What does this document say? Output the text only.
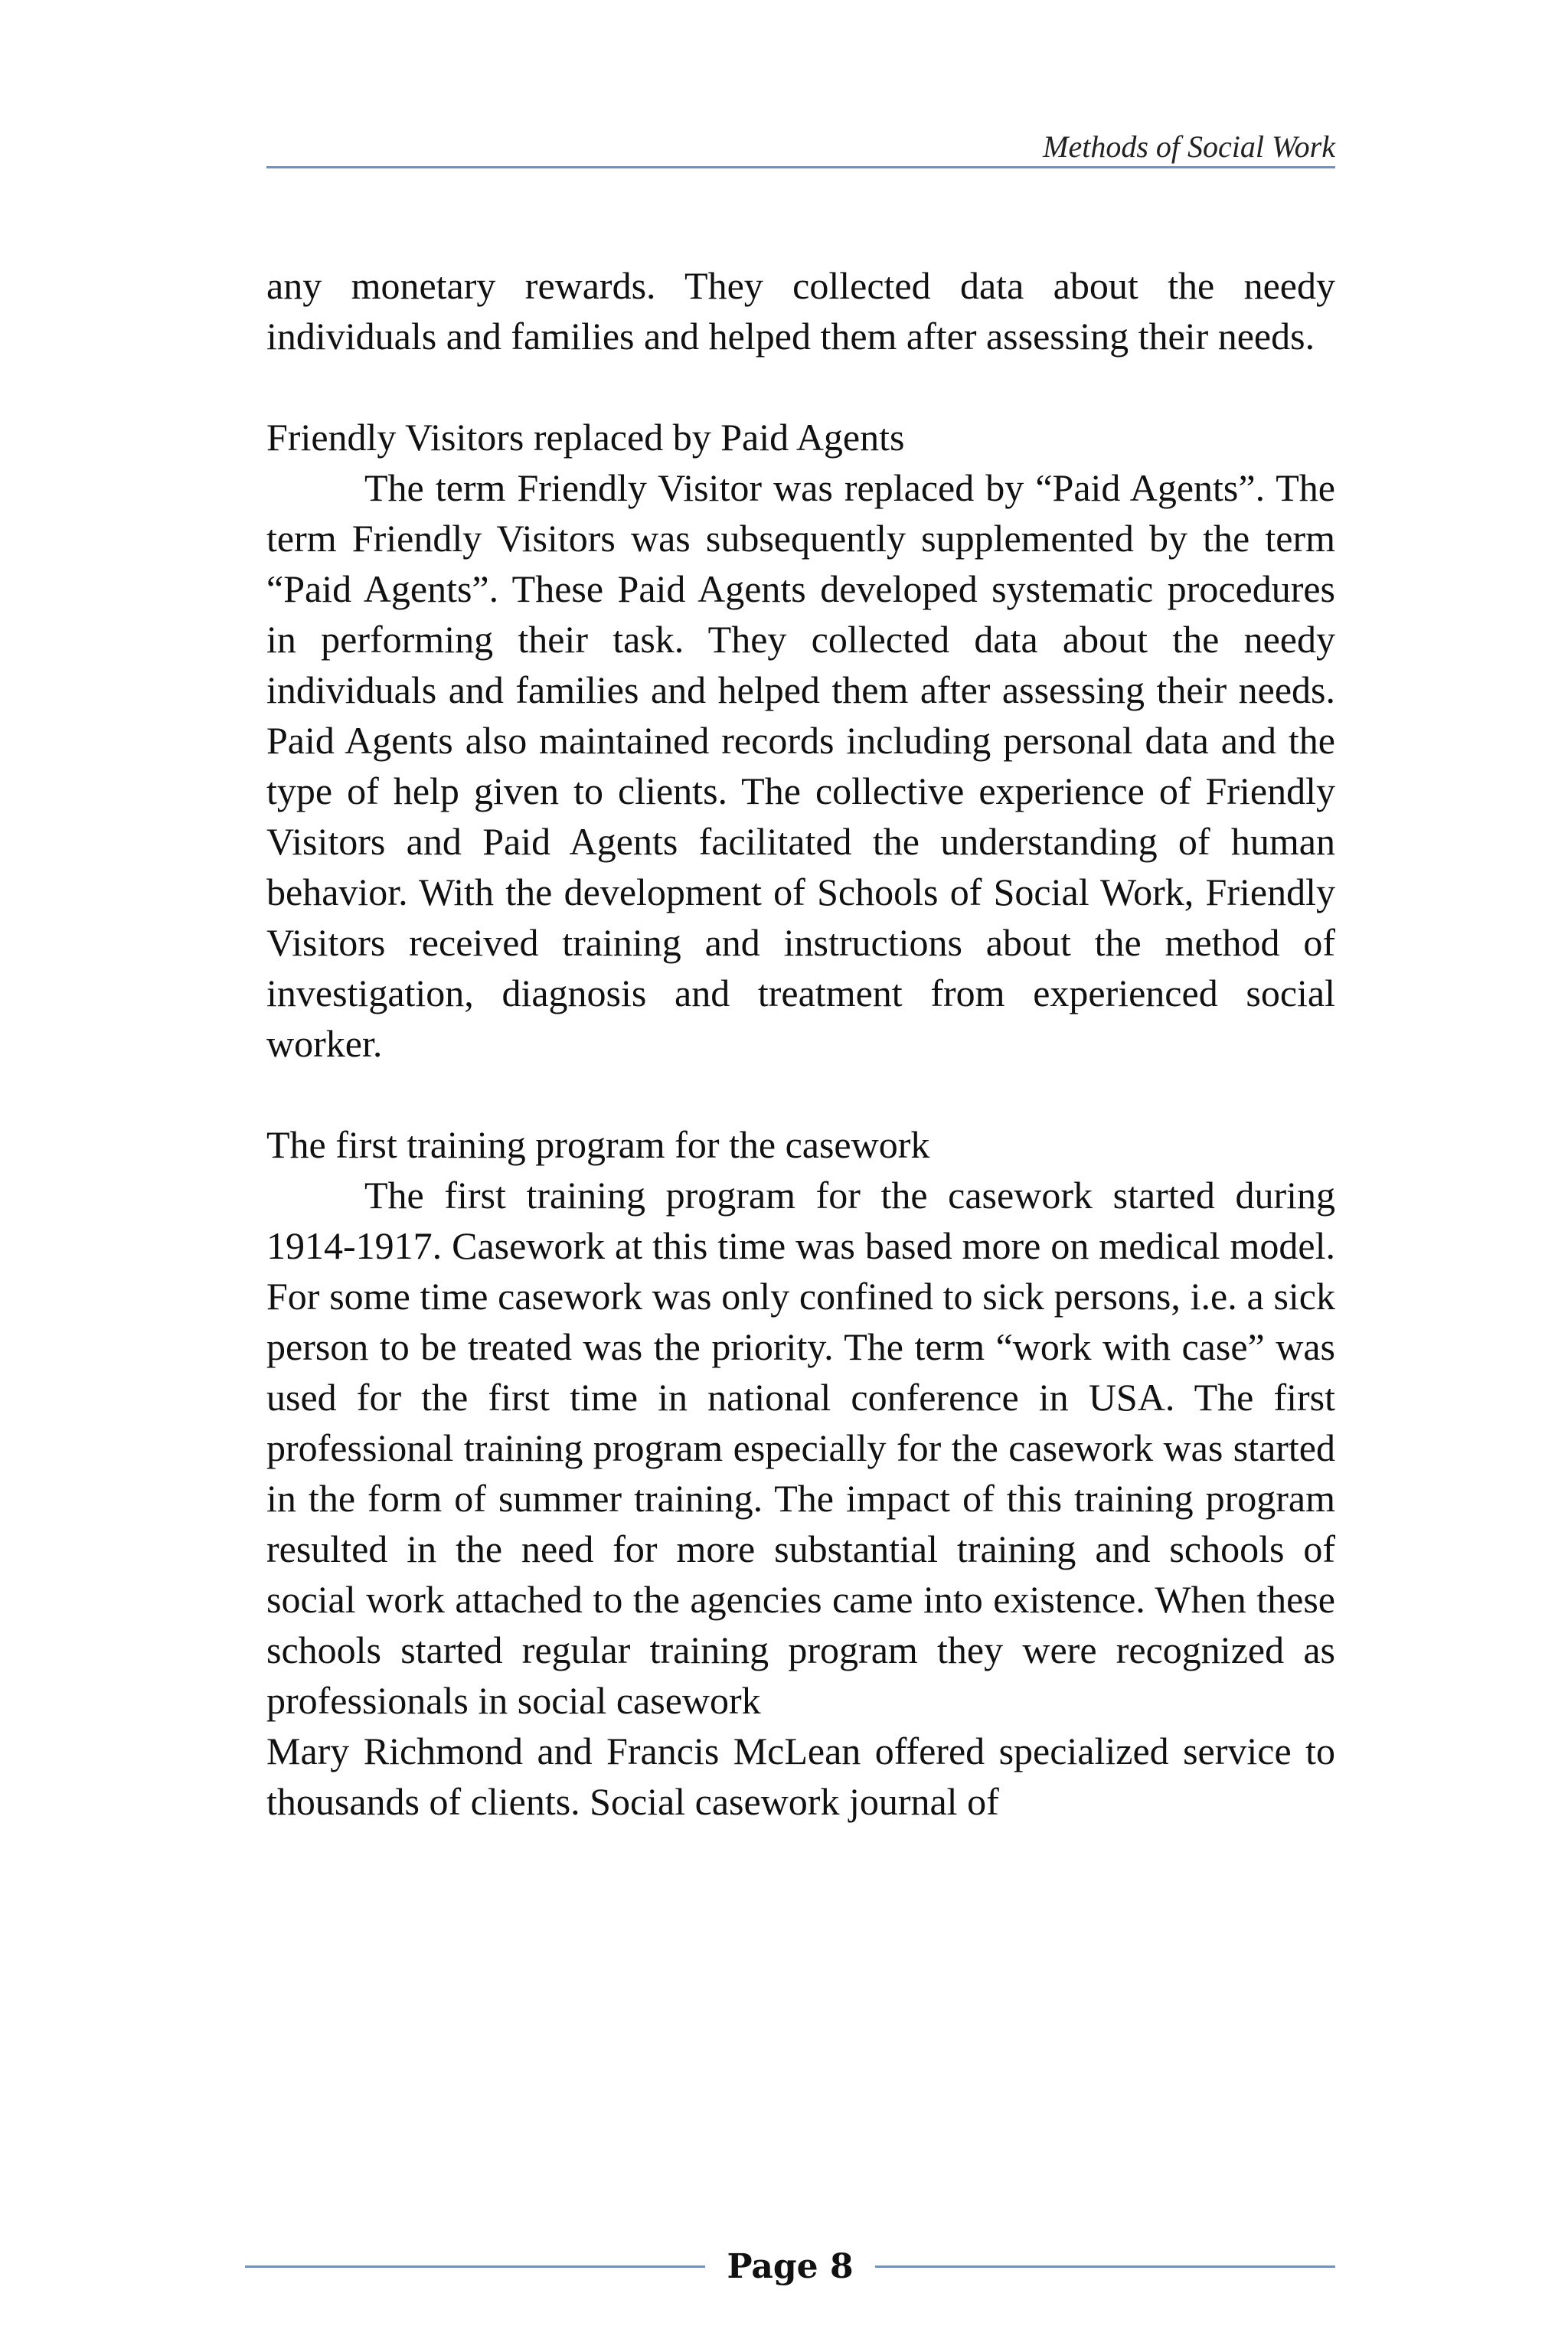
Methods of Social Work

any monetary rewards. They collected data about the needy individuals and families and helped them after assessing their needs.

Friendly Visitors replaced by Paid Agents

The term Friendly Visitor was replaced by “Paid Agents”. The term Friendly Visitors was subsequently supplemented by the term “Paid Agents”. These Paid Agents developed systematic procedures in performing their task. They collected data about the needy individuals and families and helped them after assessing their needs. Paid Agents also maintained records including personal data and the type of help given to clients. The collective experience of Friendly Visitors and Paid Agents facilitated the understanding of human behavior. With the development of Schools of Social Work, Friendly Visitors received training and instructions about the method of investigation, diagnosis and treatment from experienced social worker.

The first training program for the casework

The first training program for the casework started during 1914-1917. Casework at this time was based more on medical model. For some time casework was only confined to sick persons, i.e. a sick person to be treated was the priority. The term “work with case” was used for the first time in national conference in USA. The first professional training program especially for the casework was started in the form of summer training. The impact of this training program resulted in the need for more substantial training and schools of social work attached to the agencies came into existence. When these schools started regular training program they were recognized as professionals in social casework

Mary Richmond and Francis McLean offered specialized service to thousands of clients. Social casework journal of

Page 8
